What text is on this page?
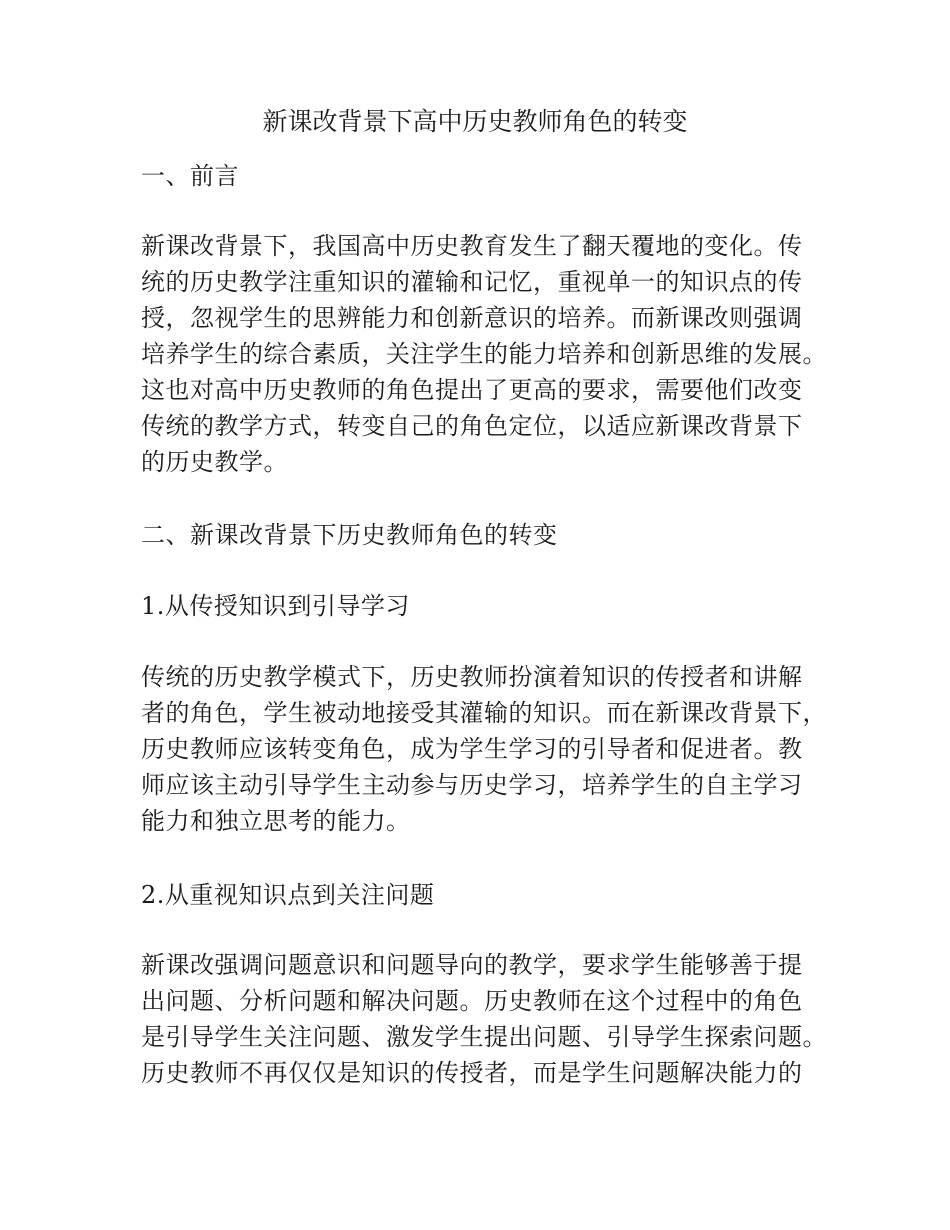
新课改背景下高中历史教师角色的转变

一、前言

新课改背景下，我国高中历史教育发生了翻天覆地的变化。传
统的历史教学注重知识的灌输和记忆，重视单一的知识点的传
授，忽视学生的思辨能力和创新意识的培养。而新课改则强调
培养学生的综合素质，关注学生的能力培养和创新思维的发展。
这也对高中历史教师的角色提出了更高的要求，需要他们改变
传统的教学方式，转变自己的角色定位，以适应新课改背景下
的历史教学。

二、新课改背景下历史教师角色的转变

1.从传授知识到引导学习

传统的历史教学模式下，历史教师扮演着知识的传授者和讲解
者的角色，学生被动地接受其灌输的知识。而在新课改背景下，
历史教师应该转变角色，成为学生学习的引导者和促进者。教
师应该主动引导学生主动参与历史学习，培养学生的自主学习
能力和独立思考的能力。

2.从重视知识点到关注问题

新课改强调问题意识和问题导向的教学，要求学生能够善于提
出问题、分析问题和解决问题。历史教师在这个过程中的角色
是引导学生关注问题、激发学生提出问题、引导学生探索问题。
历史教师不再仅仅是知识的传授者，而是学生问题解决能力的
